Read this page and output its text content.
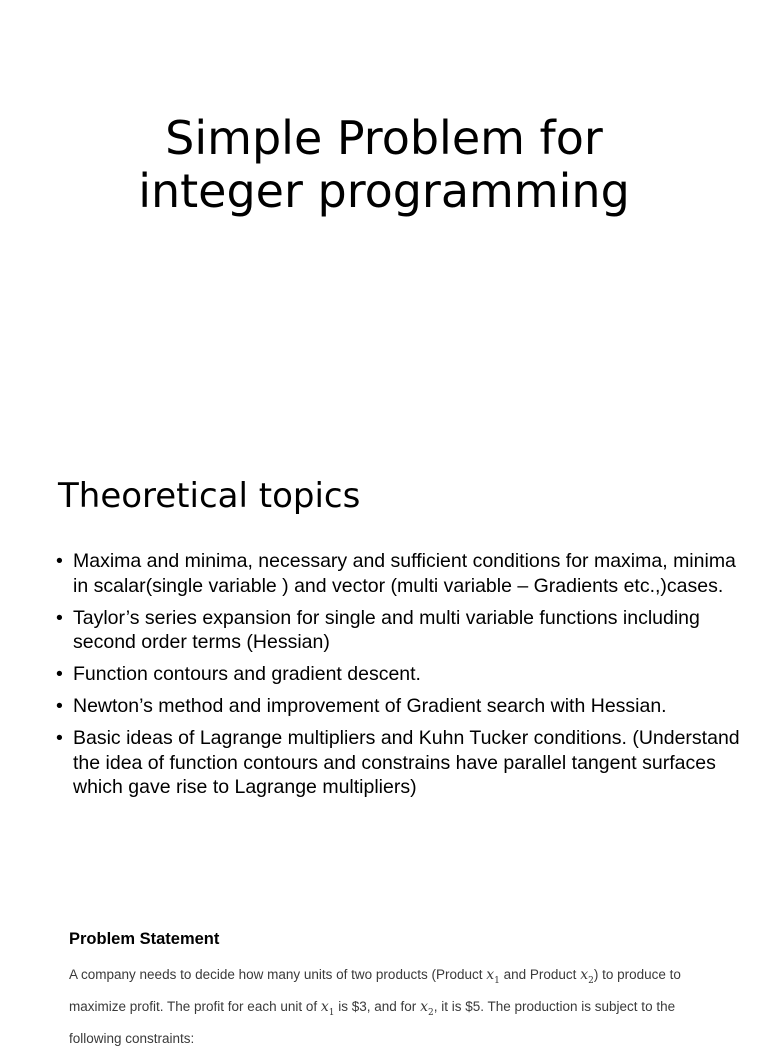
Simple Problem for
integer programming
Theoretical topics
• Maxima and minima, necessary and sufficient conditions for maxima, minima in scalar(single variable ) and vector (multi variable – Gradients etc.,)cases.
• Taylor’s series expansion for single and multi variable functions including second order terms (Hessian)
• Function contours and gradient descent.
• Newton’s method and improvement of Gradient search with Hessian.
• Basic ideas of Lagrange multipliers and Kuhn Tucker conditions. (Understand the idea of function contours and constrains have parallel tangent surfaces which gave rise to Lagrange multipliers)
Problem Statement

A company needs to decide how many units of two products (Product $x_1$ and Product $x_2$) to produce to maximize profit. The profit for each unit of $x_1$ is $3, and for $x_2$, it is $5. The production is subject to the following constraints:
